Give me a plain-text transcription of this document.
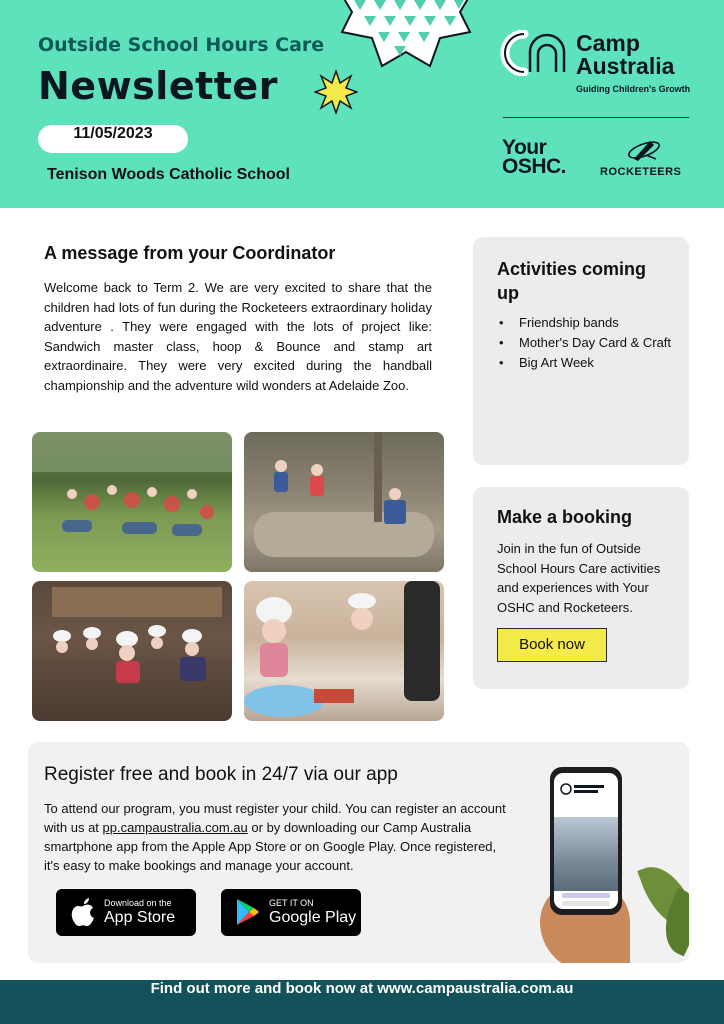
Outside School Hours Care
Newsletter
11/05/2023
Tenison Woods Catholic School
Camp
Australia
Guiding Children's Growth
Your
OSHC.	ROCKETEERS
A message from your Coordinator
Welcome back to Term 2. We are very excited to share that the children had lots of fun during the Rocketeers extraordinary holiday adventure . They were engaged with the lots of project like: Sandwich master class, hoop & Bounce and stamp art extraordinaire. They were very excited during the handball championship and the adventure wild wonders at Adelaide Zoo.
Activities coming up
• Friendship bands
• Mother's Day Card & Craft
• Big Art Week
Make a booking
Join in the fun of Outside School Hours Care activities and experiences with Your OSHC and Rocketeers.
Book now
Register free and book in 24/7 via our app
To attend our program, you must register your child. You can register an account with us at pp.campaustralia.com.au or by downloading our Camp Australia smartphone app from the Apple App Store or on Google Play. Once registered, it's easy to make bookings and manage your account.
Download on the
App Store
GET IT ON
Google Play
Find out more and book now at www.campaustralia.com.au
